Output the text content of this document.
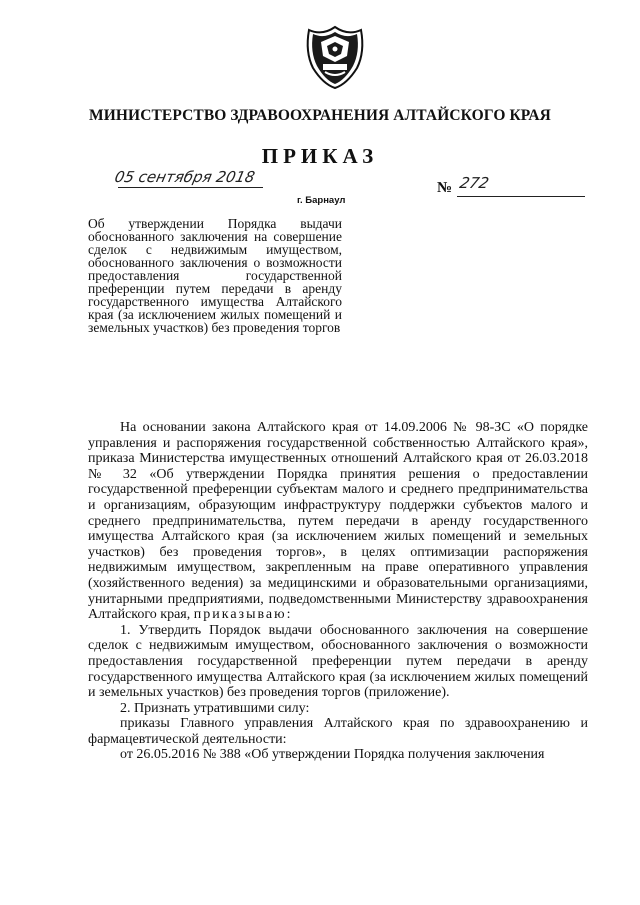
МИНИСТЕРСТВО ЗДРАВООХРАНЕНИЯ АЛТАЙСКОГО КРАЯ
ПРИКАЗ
05 сентября 2018
г. Барнаул
№ 272
Об утверждении Порядка выдачи обоснованного заключения на совершение сделок с недвижимым имуществом, обоснованного заключения о возможности предоставления государственной преференции путем передачи в аренду государственного имущества Алтайского края (за исключением жилых помещений и земельных участков) без проведения торгов

На основании закона Алтайского края от 14.09.2006 № 98-ЗС «О порядке управления и распоряжения государственной собственностью Алтайского края», приказа Министерства имущественных отношений Алтайского края от 26.03.2018 № 32 «Об утверждении Порядка принятия решения о предоставлении государственной преференции субъектам малого и среднего предпринимательства и организациям, образующим инфраструктуру поддержки субъектов малого и среднего предпринимательства, путем передачи в аренду государственного имущества Алтайского края (за исключением жилых помещений и земельных участков) без проведения торгов», в целях оптимизации распоряжения недвижимым имуществом, закрепленным на праве оперативного управления (хозяйственного ведения) за медицинскими и образовательными организациями, унитарными предприятиями, подведомственными Министерству здравоохранения Алтайского края, приказываю:

1. Утвердить Порядок выдачи обоснованного заключения на совершение сделок с недвижимым имуществом, обоснованного заключения о возможности предоставления государственной преференции путем передачи в аренду государственного имущества Алтайского края (за исключением жилых помещений и земельных участков) без проведения торгов (приложение).

2. Признать утратившими силу:

приказы Главного управления Алтайского края по здравоохранению и фармацевтической деятельности:

от 26.05.2016 № 388 «Об утверждении Порядка получения заключения
